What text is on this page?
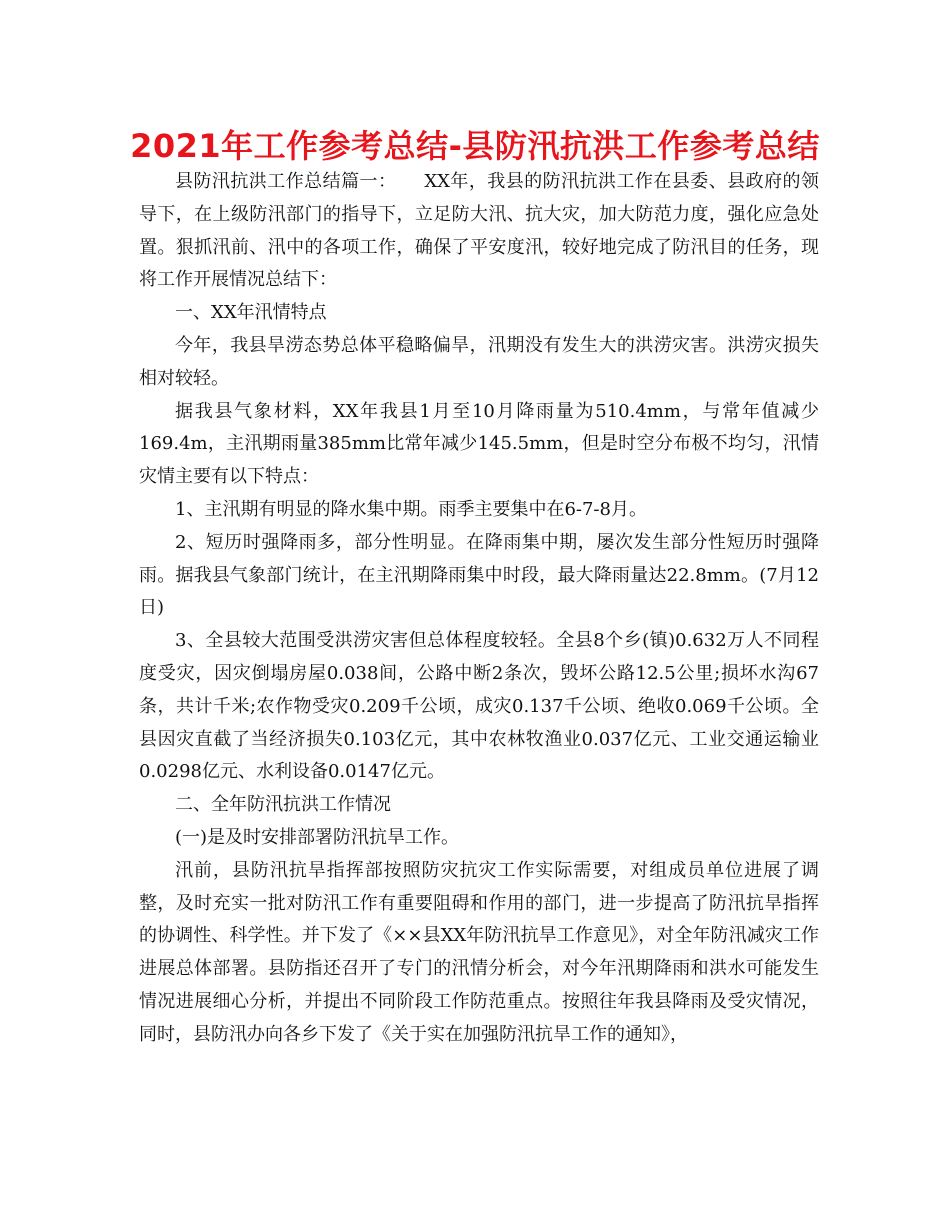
2021年工作参考总结-县防汛抗洪工作参考总结

县防汛抗洪工作总结篇一：　　XX年，我县的防汛抗洪工作在县委、县政府的领导下，在上级防汛部门的指导下，立足防大汛、抗大灾，加大防范力度，强化应急处置。狠抓汛前、汛中的各项工作，确保了平安度汛，较好地完成了防汛目的任务，现将工作开展情况总结下：

一、XX年汛情特点

今年，我县旱涝态势总体平稳略偏旱，汛期没有发生大的洪涝灾害。洪涝灾损失相对较轻。

据我县气象材料，XX年我县1月至10月降雨量为510.4mm，与常年值减少169.4m，主汛期雨量385mm比常年减少145.5mm，但是时空分布极不均匀，汛情灾情主要有以下特点：

1、主汛期有明显的降水集中期。雨季主要集中在6-7-8月。

2、短历时强降雨多，部分性明显。在降雨集中期，屡次发生部分性短历时强降雨。据我县气象部门统计，在主汛期降雨集中时段，最大降雨量达22.8mm。(7月12日)

3、全县较大范围受洪涝灾害但总体程度较轻。全县8个乡(镇)0.632万人不同程度受灾，因灾倒塌房屋0.038间，公路中断2条次，毁坏公路12.5公里;损坏水沟67条，共计千米;农作物受灾0.209千公顷，成灾0.137千公顷、绝收0.069千公顷。全县因灾直截了当经济损失0.103亿元，其中农林牧渔业0.037亿元、工业交通运输业0.0298亿元、水利设备0.0147亿元。

二、全年防汛抗洪工作情况

(一)是及时安排部署防汛抗旱工作。

汛前，县防汛抗旱指挥部按照防灾抗灾工作实际需要，对组成员单位进展了调整，及时充实一批对防汛工作有重要阻碍和作用的部门，进一步提高了防汛抗旱指挥的协调性、科学性。并下发了《××县XX年防汛抗旱工作意见》，对全年防汛减灾工作进展总体部署。县防指还召开了专门的汛情分析会，对今年汛期降雨和洪水可能发生情况进展细心分析，并提出不同阶段工作防范重点。按照往年我县降雨及受灾情况，同时，县防汛办向各乡下发了《关于实在加强防汛抗旱工作的通知》，
